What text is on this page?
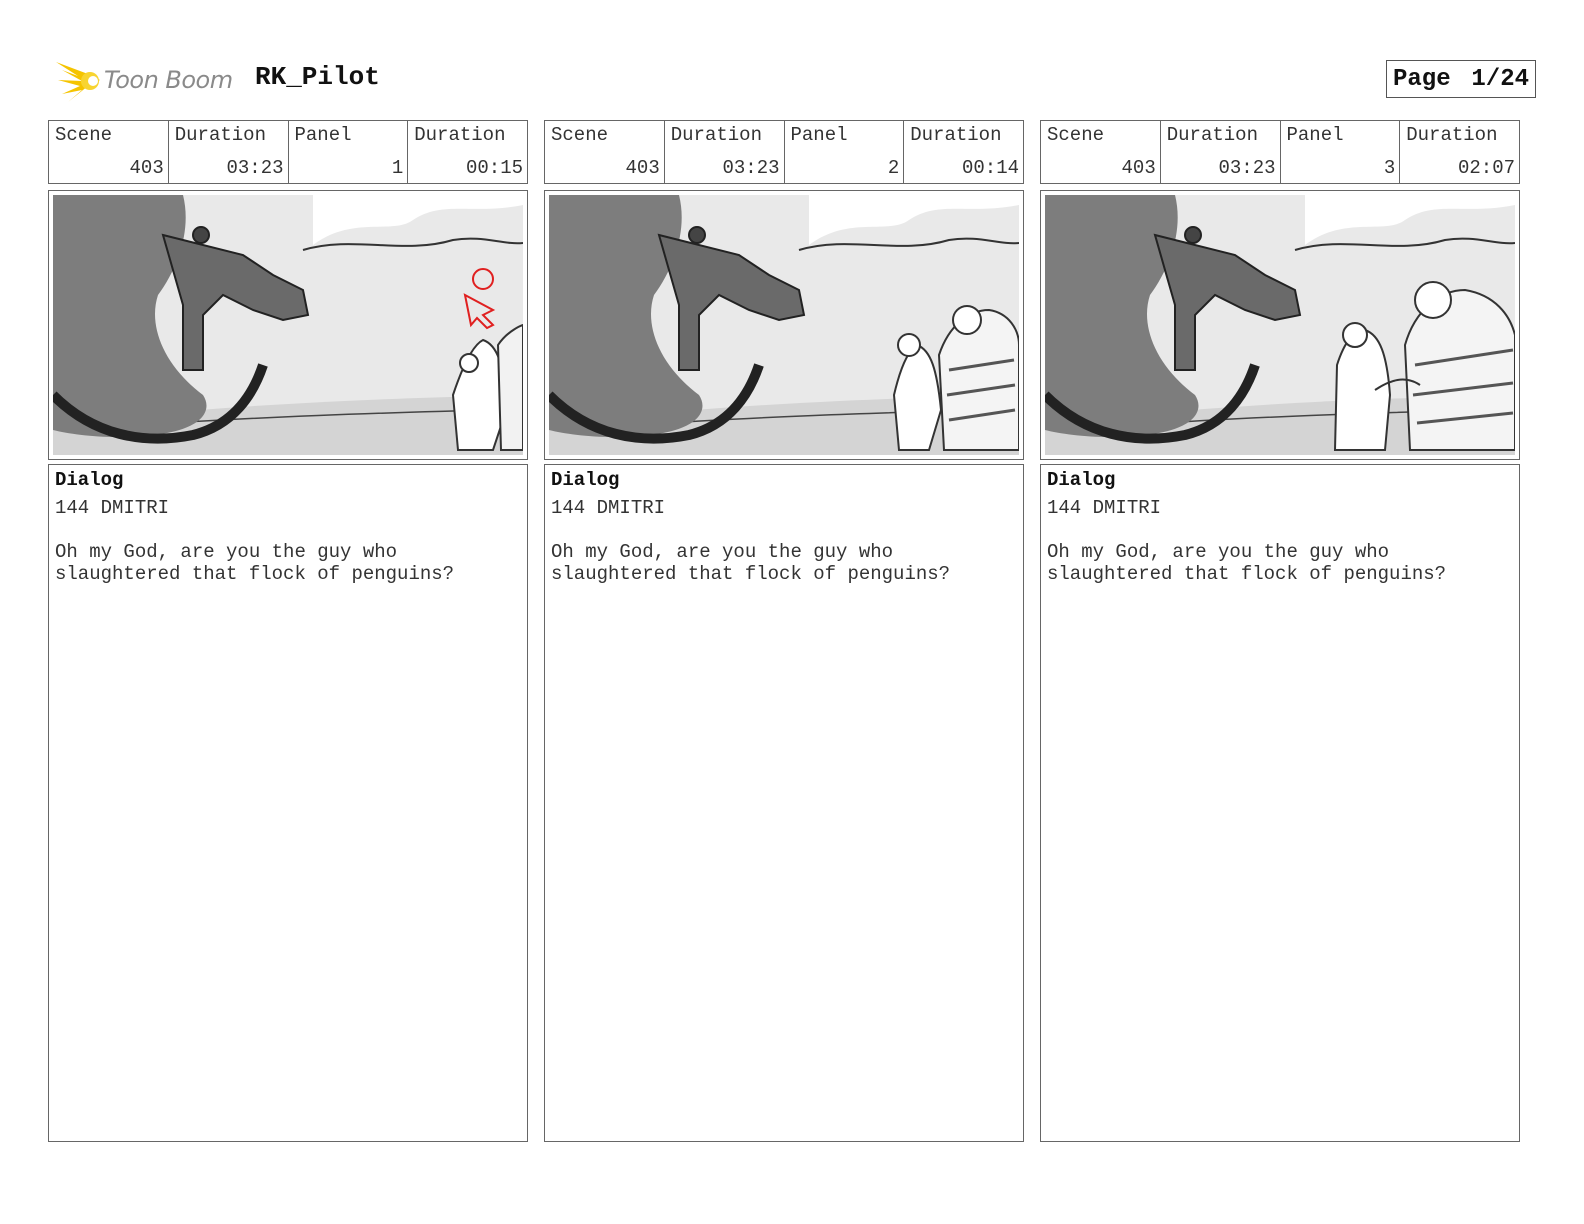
Toon Boom RK_Pilot	Page 1/24
Scene
403
Duration
03:23
Panel
1
Duration
00:15
Dialog
144 DMITRI
Oh my God, are you the guy who
slaughtered that flock of penguins?
Scene
403
Duration
03:23
Panel
2
Duration
00:14
Dialog
144 DMITRI
Oh my God, are you the guy who
slaughtered that flock of penguins?
Scene
403
Duration
03:23
Panel
3
Duration
02:07
Dialog
144 DMITRI
Oh my God, are you the guy who
slaughtered that flock of penguins?
